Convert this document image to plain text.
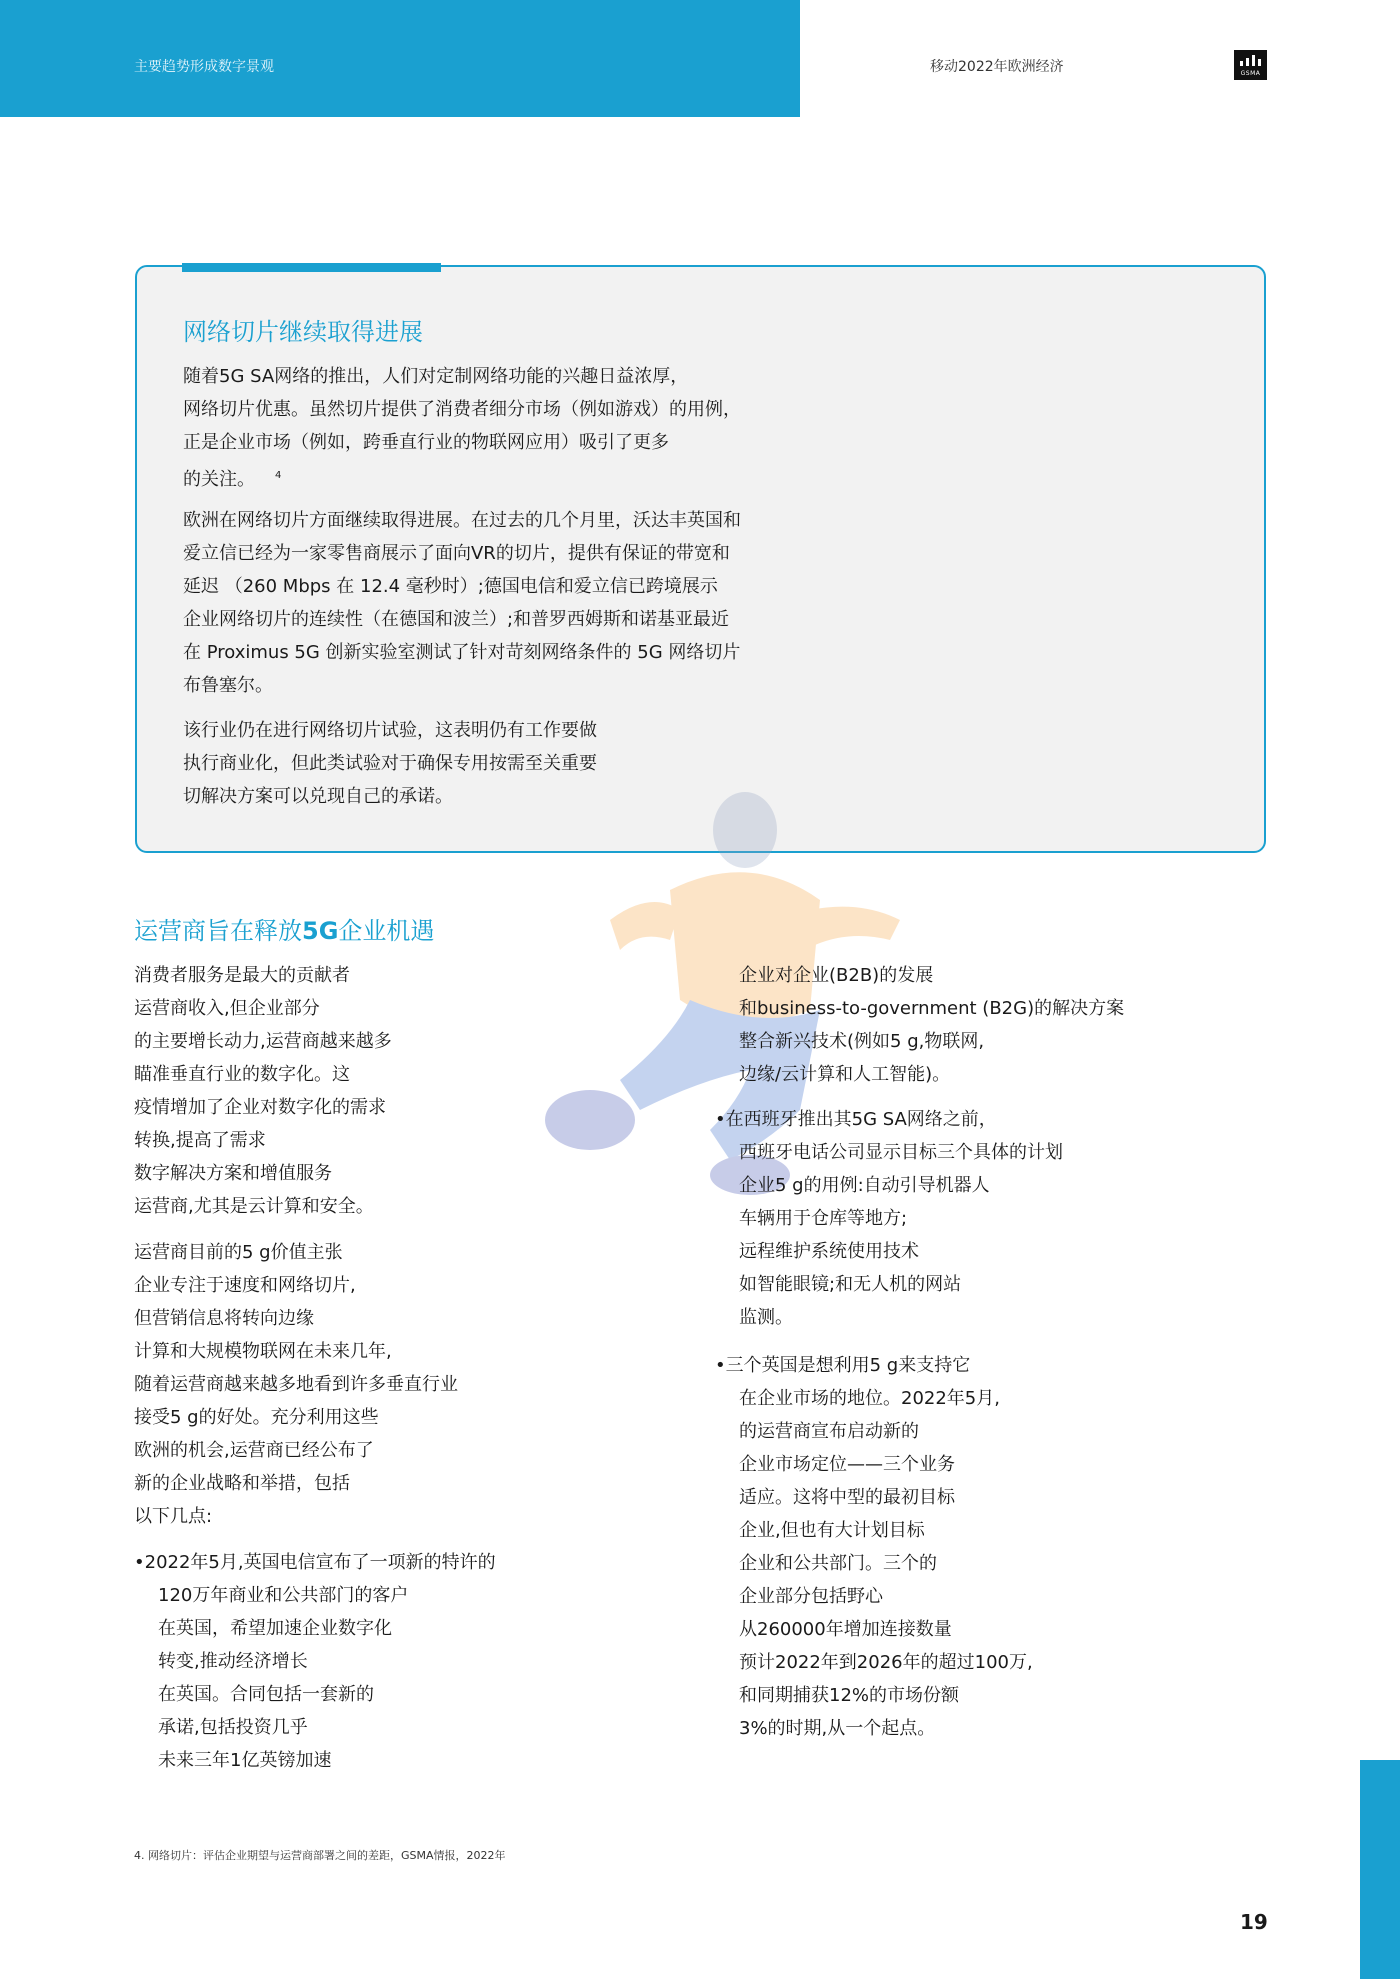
主要趋势形成数字景观	移动2022年欧洲经济	GSMA
网络切片继续取得进展
随着5G SA网络的推出，人们对定制网络功能的兴趣日益浓厚，
网络切片优惠。虽然切片提供了消费者细分市场（例如游戏）的用例，
正是企业市场（例如，跨垂直行业的物联网应用）吸引了更多
的关注。 $^4$
欧洲在网络切片方面继续取得进展。在过去的几个月里，沃达丰英国和
爱立信已经为一家零售商展示了面向VR的切片，提供有保证的带宽和
延迟 （260 Mbps 在 12.4 毫秒时）;德国电信和爱立信已跨境展示
企业网络切片的连续性（在德国和波兰）;和普罗西姆斯和诺基亚最近
在 Proximus 5G 创新实验室测试了针对苛刻网络条件的 5G 网络切片
布鲁塞尔。
该行业仍在进行网络切片试验，这表明仍有工作要做
执行商业化，但此类试验对于确保专用按需至关重要
切解决方案可以兑现自己的承诺。
运营商旨在释放5G企业机遇
消费者服务是最大的贡献者
运营商收入,但企业部分
的主要增长动力,运营商越来越多
瞄准垂直行业的数字化。这
疫情增加了企业对数字化的需求
转换,提高了需求
数字解决方案和增值服务
运营商,尤其是云计算和安全。
运营商目前的5 g价值主张
企业专注于速度和网络切片,
但营销信息将转向边缘
计算和大规模物联网在未来几年,
随着运营商越来越多地看到许多垂直行业
接受5 g的好处。充分利用这些
欧洲的机会,运营商已经公布了
新的企业战略和举措，包括
以下几点:
•2022年5月,英国电信宣布了一项新的特许的
120万年商业和公共部门的客户
在英国，希望加速企业数字化
转变,推动经济增长
在英国。合同包括一套新的
承诺,包括投资几乎
未来三年1亿英镑加速
企业对企业(B2B)的发展
和business-to-government (B2G)的解决方案
整合新兴技术(例如5 g,物联网,
边缘/云计算和人工智能)。
•在西班牙推出其5G SA网络之前，
西班牙电话公司显示目标三个具体的计划
企业5 g的用例:自动引导机器人
车辆用于仓库等地方;
远程维护系统使用技术
如智能眼镜;和无人机的网站
监测。
•三个英国是想利用5 g来支持它
在企业市场的地位。2022年5月,
的运营商宣布启动新的
企业市场定位——三个业务
适应。这将中型的最初目标
企业,但也有大计划目标
企业和公共部门。三个的
企业部分包括野心
从260000年增加连接数量
预计2022年到2026年的超过100万,
和同期捕获12%的市场份额
3%的时期,从一个起点。
4. 网络切片：评估企业期望与运营商部署之间的差距，GSMA情报，2022年
19
